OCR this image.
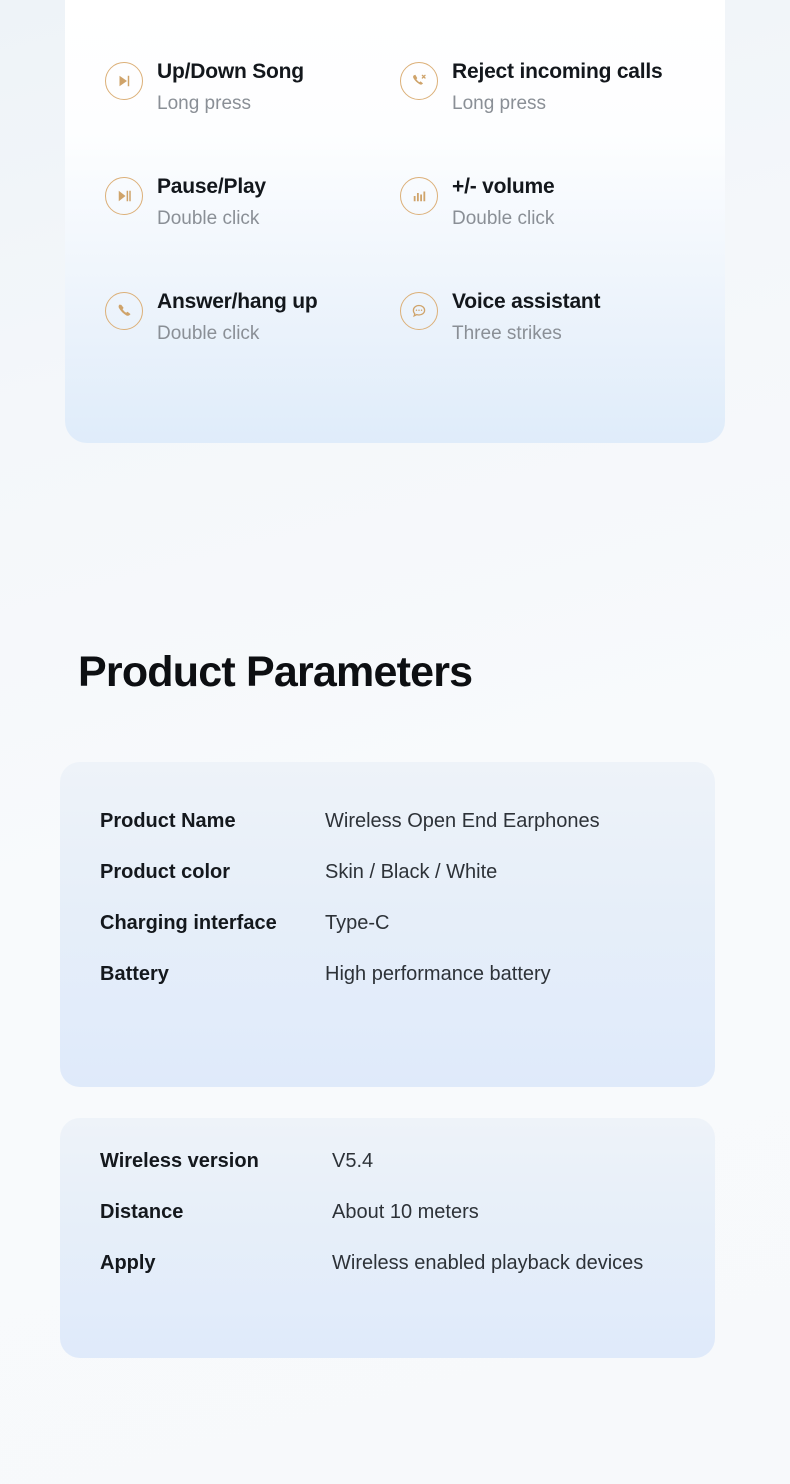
Up/Down Song
Long press
Reject incoming calls
Long press
Pause/Play
Double click
+/- volume
Double click
Answer/hang up
Double click
Voice assistant
Three strikes
Product Parameters
Product Name	Wireless Open End Earphones
Product color	Skin / Black / White
Charging interface	Type-C
Battery	High performance battery
Wireless version	V5.4
Distance	About 10 meters
Apply	Wireless enabled playback devices
